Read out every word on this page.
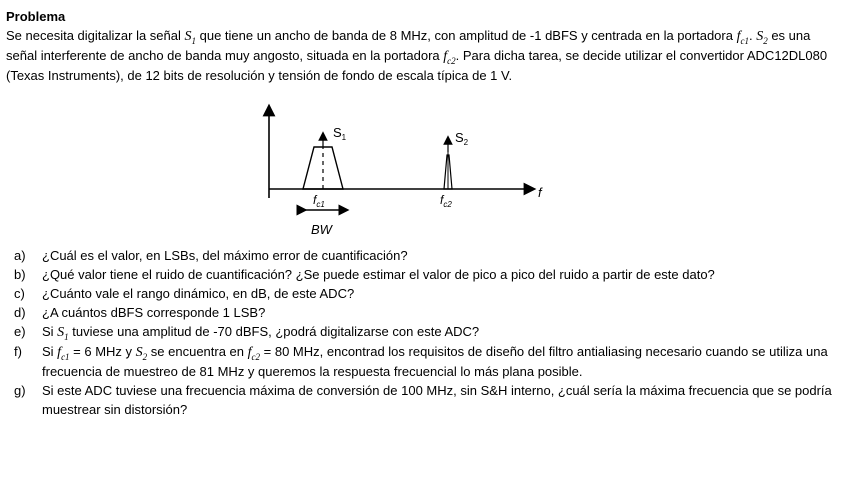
Problema

Se necesita digitalizar la señal $S_1$ que tiene un ancho de banda de 8 MHz, con amplitud de -1 dBFS y centrada en la portadora $f_{c1}$. $S_2$ es una señal interferente de ancho de banda muy angosto, situada en la portadora $f_{c2}$. Para dicha tarea, se decide utilizar el convertidor ADC12DL080 (Texas Instruments), de 12 bits de resolución y tensión de fondo de escala típica de 1 V.

$S_1$	$S_2$
f
$f_{c1}$	$f_{c2}$
BW
a)	¿Cuál es el valor, en LSBs, del máximo error de cuantificación?
b)	¿Qué valor tiene el ruido de cuantificación? ¿Se puede estimar el valor de pico a pico del ruido a partir de este dato?
c)	¿Cuánto vale el rango dinámico, en dB, de este ADC?
d)	¿A cuántos dBFS corresponde 1 LSB?
e)	Si $S_1$ tuviese una amplitud de -70 dBFS, ¿podrá digitalizarse con este ADC?
f)	Si $f_{c1} = 6$ MHz y $S_2$ se encuentra en $f_{c2} = 80$ MHz, encontrad los requisitos de diseño del filtro antialiasing necesario cuando se utiliza una frecuencia de muestreo de 81 MHz y queremos la respuesta frecuencial lo más plana posible.
g)	Si este ADC tuviese una frecuencia máxima de conversión de 100 MHz, sin S&H interno, ¿cuál sería la máxima frecuencia que se podría muestrear sin distorsión?
